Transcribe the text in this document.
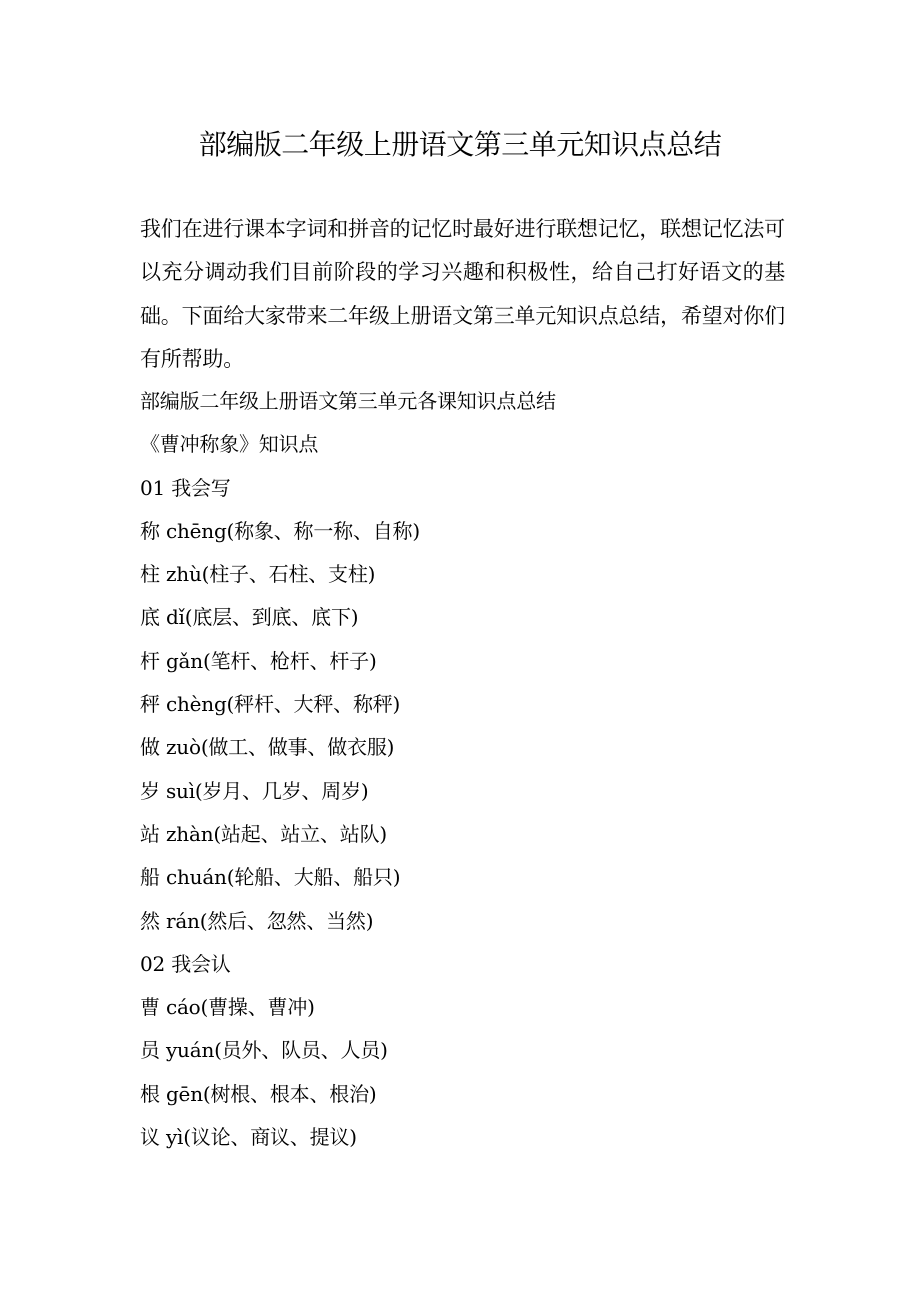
部编版二年级上册语文第三单元知识点总结

我们在进行课本字词和拼音的记忆时最好进行联想记忆，联想记忆法可以充分调动我们目前阶段的学习兴趣和积极性，给自己打好语文的基础。下面给大家带来二年级上册语文第三单元知识点总结，希望对你们有所帮助。

部编版二年级上册语文第三单元各课知识点总结
《曹冲称象》知识点
01 我会写
称 chēng(称象、称一称、自称)
柱 zhù(柱子、石柱、支柱)
底 dǐ(底层、到底、底下)
杆 gǎn(笔杆、枪杆、杆子)
秤 chèng(秤杆、大秤、称秤)
做 zuò(做工、做事、做衣服)
岁 suì(岁月、几岁、周岁)
站 zhàn(站起、站立、站队)
船 chuán(轮船、大船、船只)
然 rán(然后、忽然、当然)
02 我会认
曹 cáo(曹操、曹冲)
员 yuán(员外、队员、人员)
根 gēn(树根、根本、根治)
议 yì(议论、商议、提议)
